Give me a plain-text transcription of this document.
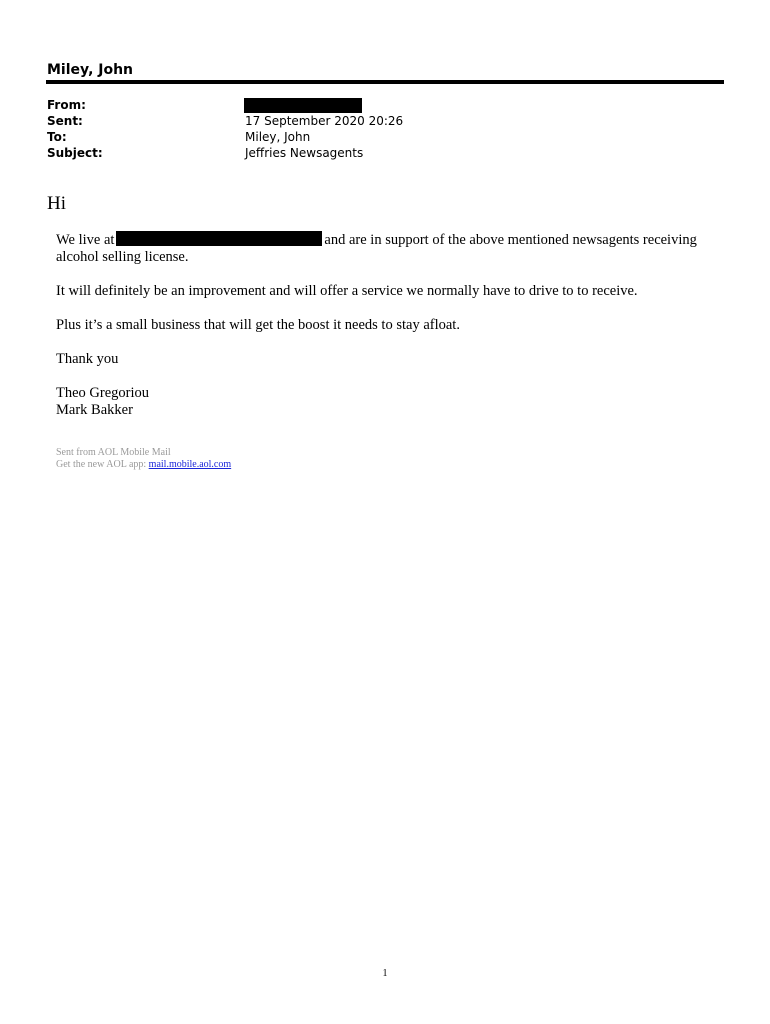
Miley, John
From:
Sent:	17 September 2020 20:26
To:	Miley, John
Subject:	Jeffries Newsagents
Hi

We live at	and are in support of the above mentioned newsagents receiving alcohol selling license.

It will definitely be an improvement and will offer a service we normally have to drive to to receive.

Plus it’s a small business that will get the boost it needs to stay afloat.

Thank you

Theo Gregoriou
Mark Bakker
Sent from AOL Mobile Mail
Get the new AOL app: mail.mobile.aol.com
1
